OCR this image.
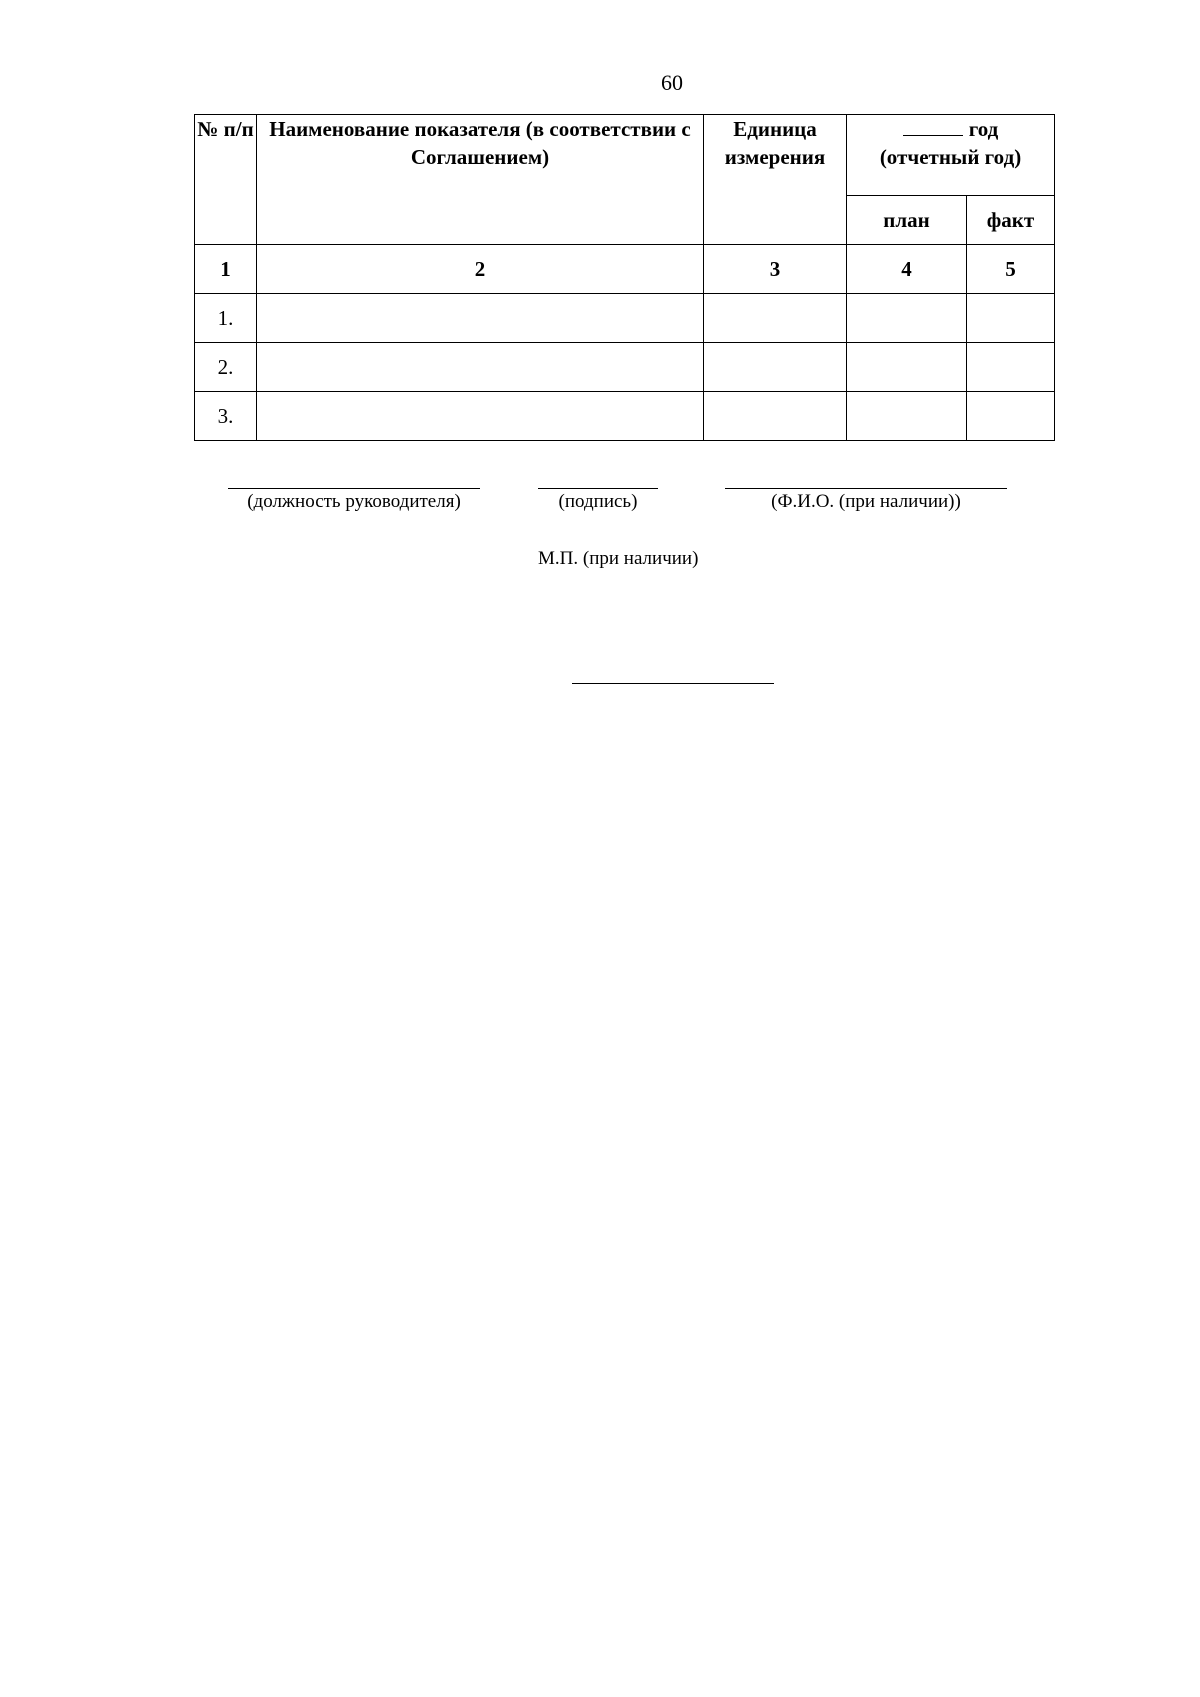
60
№ п/п	Наименование показателя (в соответствии с Соглашением)	Единица измерения	год
(отчетный год)	
			план	факт
1	2	3	4	5
1.				
2.				
3.				
(должность руководителя)	(подпись)	(Ф.И.О. (при наличии))
М.П. (при наличии)
